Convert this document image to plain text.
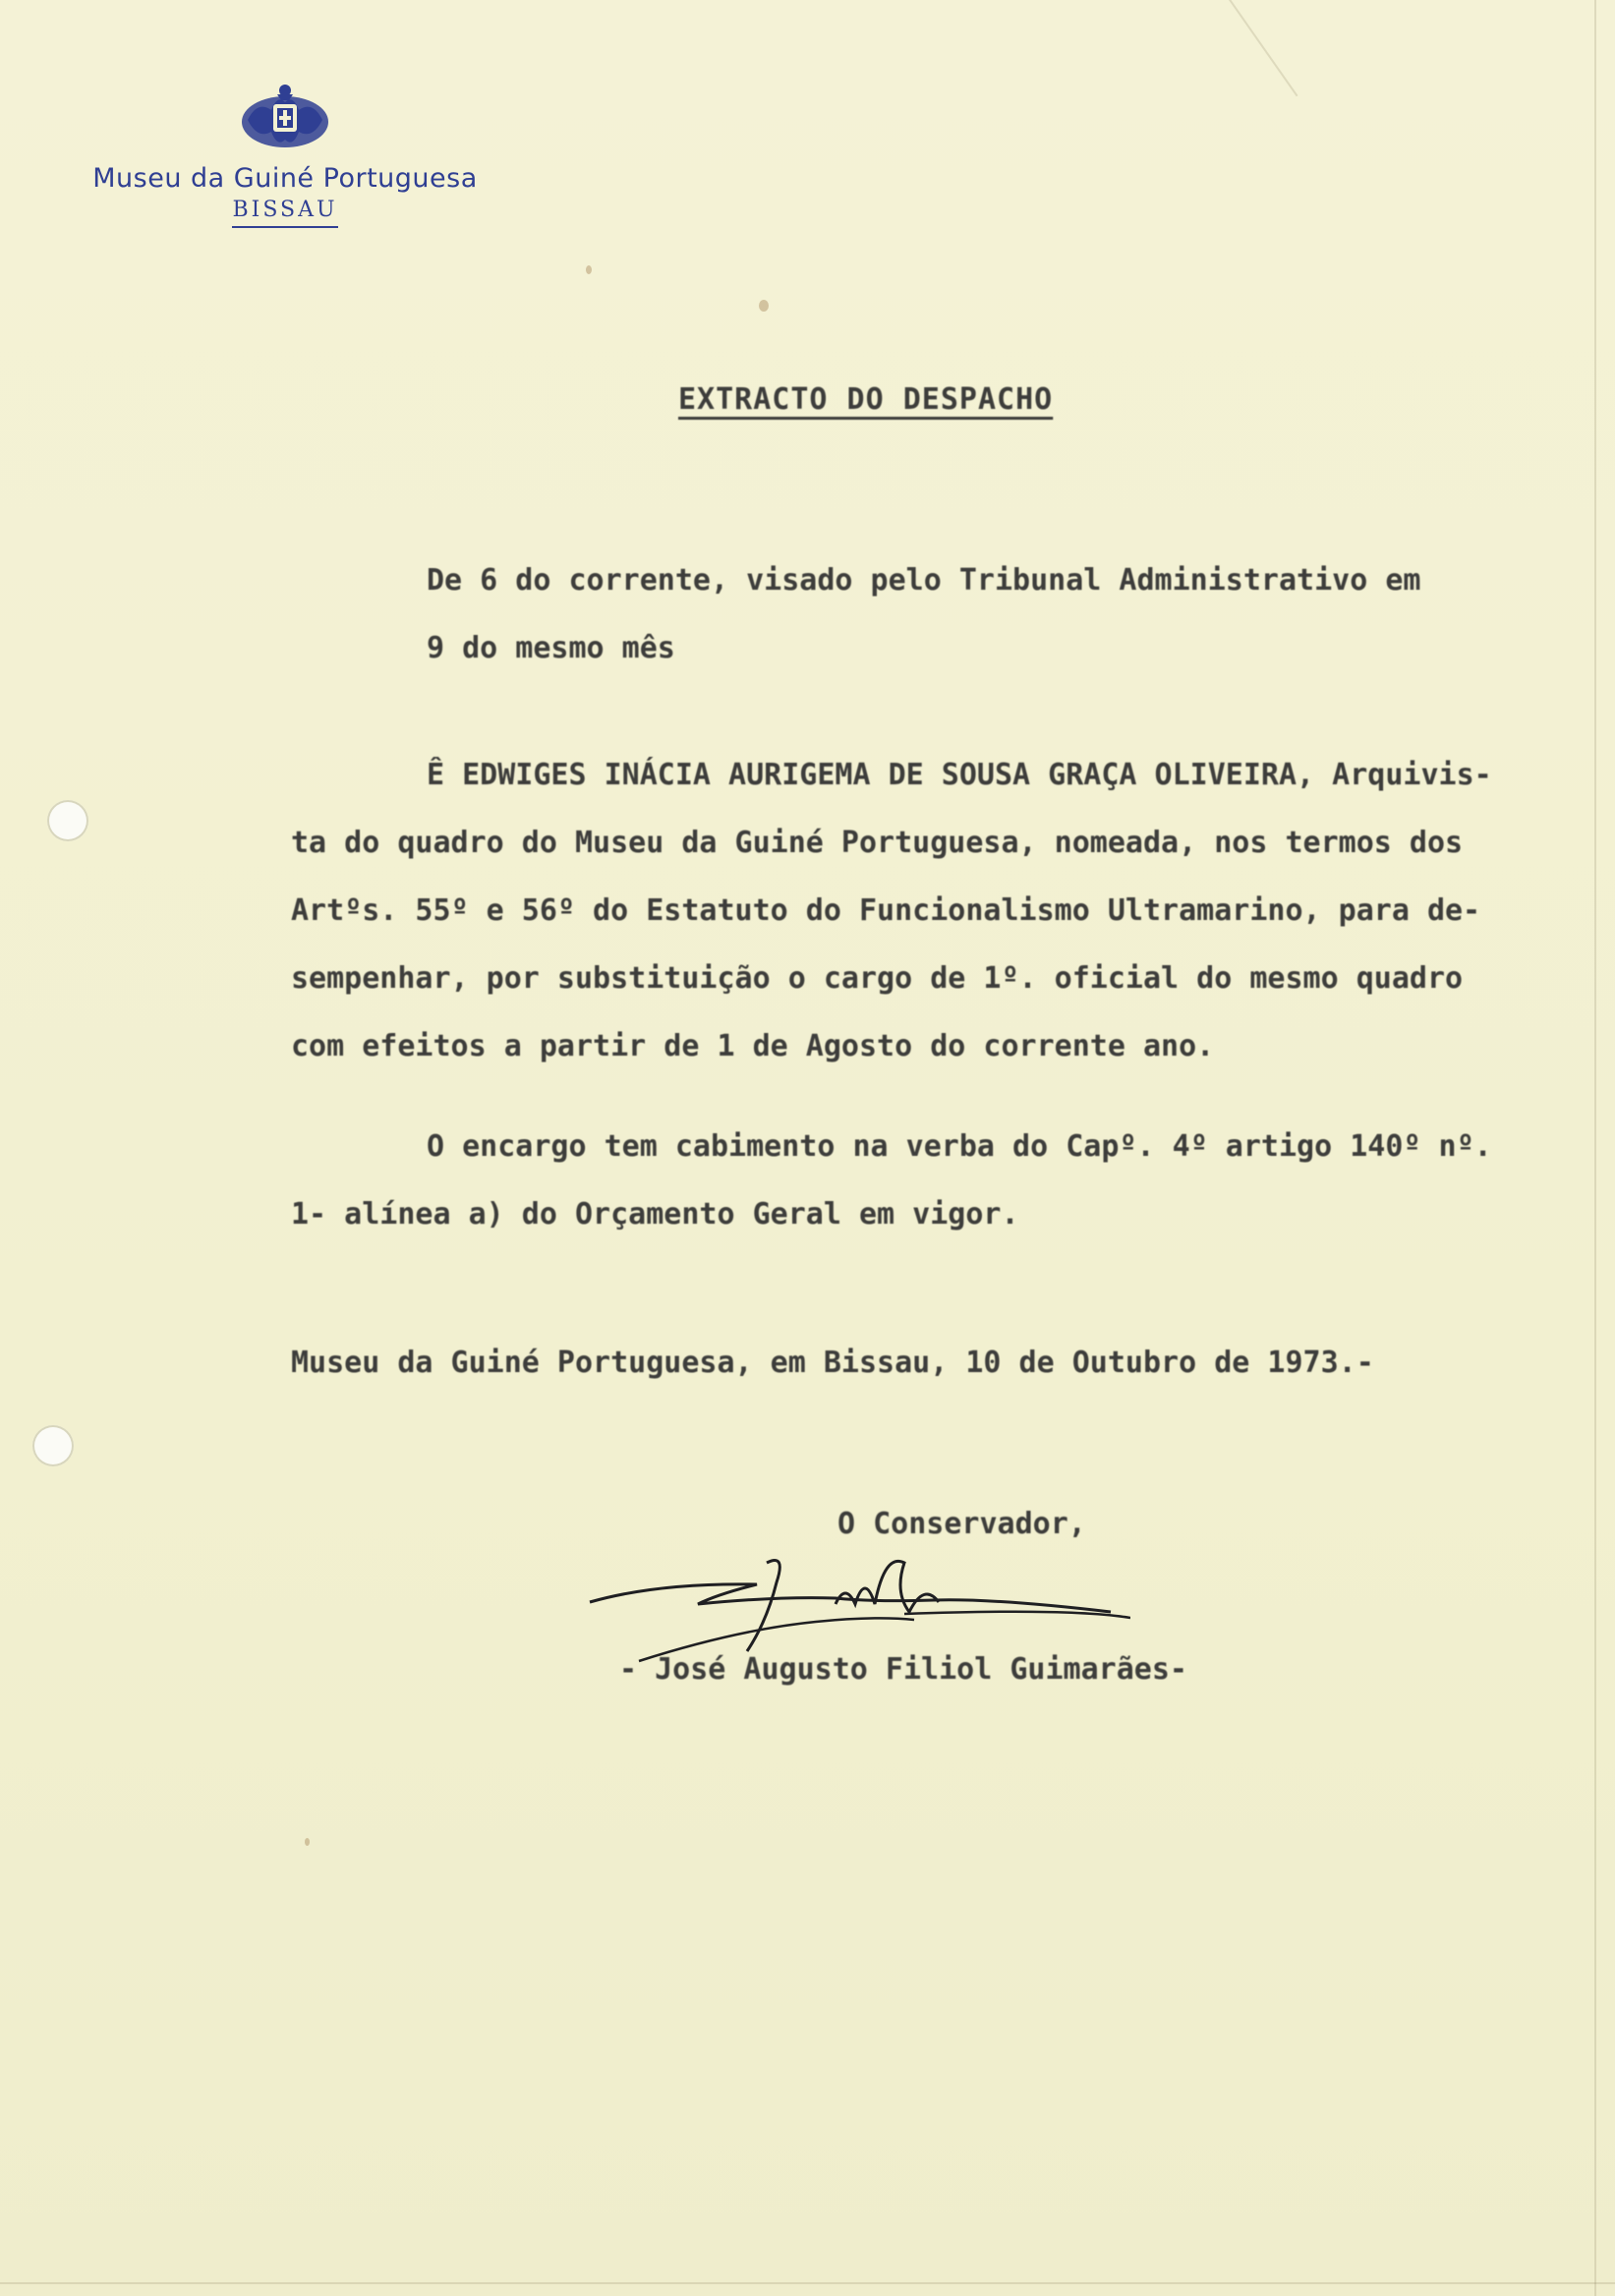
Museu da Guiné Portuguesa
BISSAU
EXTRACTO DO DESPACHO
De 6 do corrente, visado pelo Tribunal Administrativo em
9 do mesmo mês
Ê EDWIGES INÁCIA AURIGEMA DE SOUSA GRAÇA OLIVEIRA, Arquivis-
ta do quadro do Museu da Guiné Portuguesa, nomeada, nos termos dos
Artºs. 55º e 56º do Estatuto do Funcionalismo Ultramarino, para de-
sempenhar, por substituição o cargo de 1º. oficial do mesmo quadro
com efeitos a partir de 1 de Agosto do corrente ano.
O encargo tem cabimento na verba do Capº. 4º artigo 140º nº.
1- alínea a) do Orçamento Geral em vigor.
Museu da Guiné Portuguesa, em Bissau, 10 de Outubro de 1973.-
O Conservador,
- José Augusto Filiol Guimarães-
